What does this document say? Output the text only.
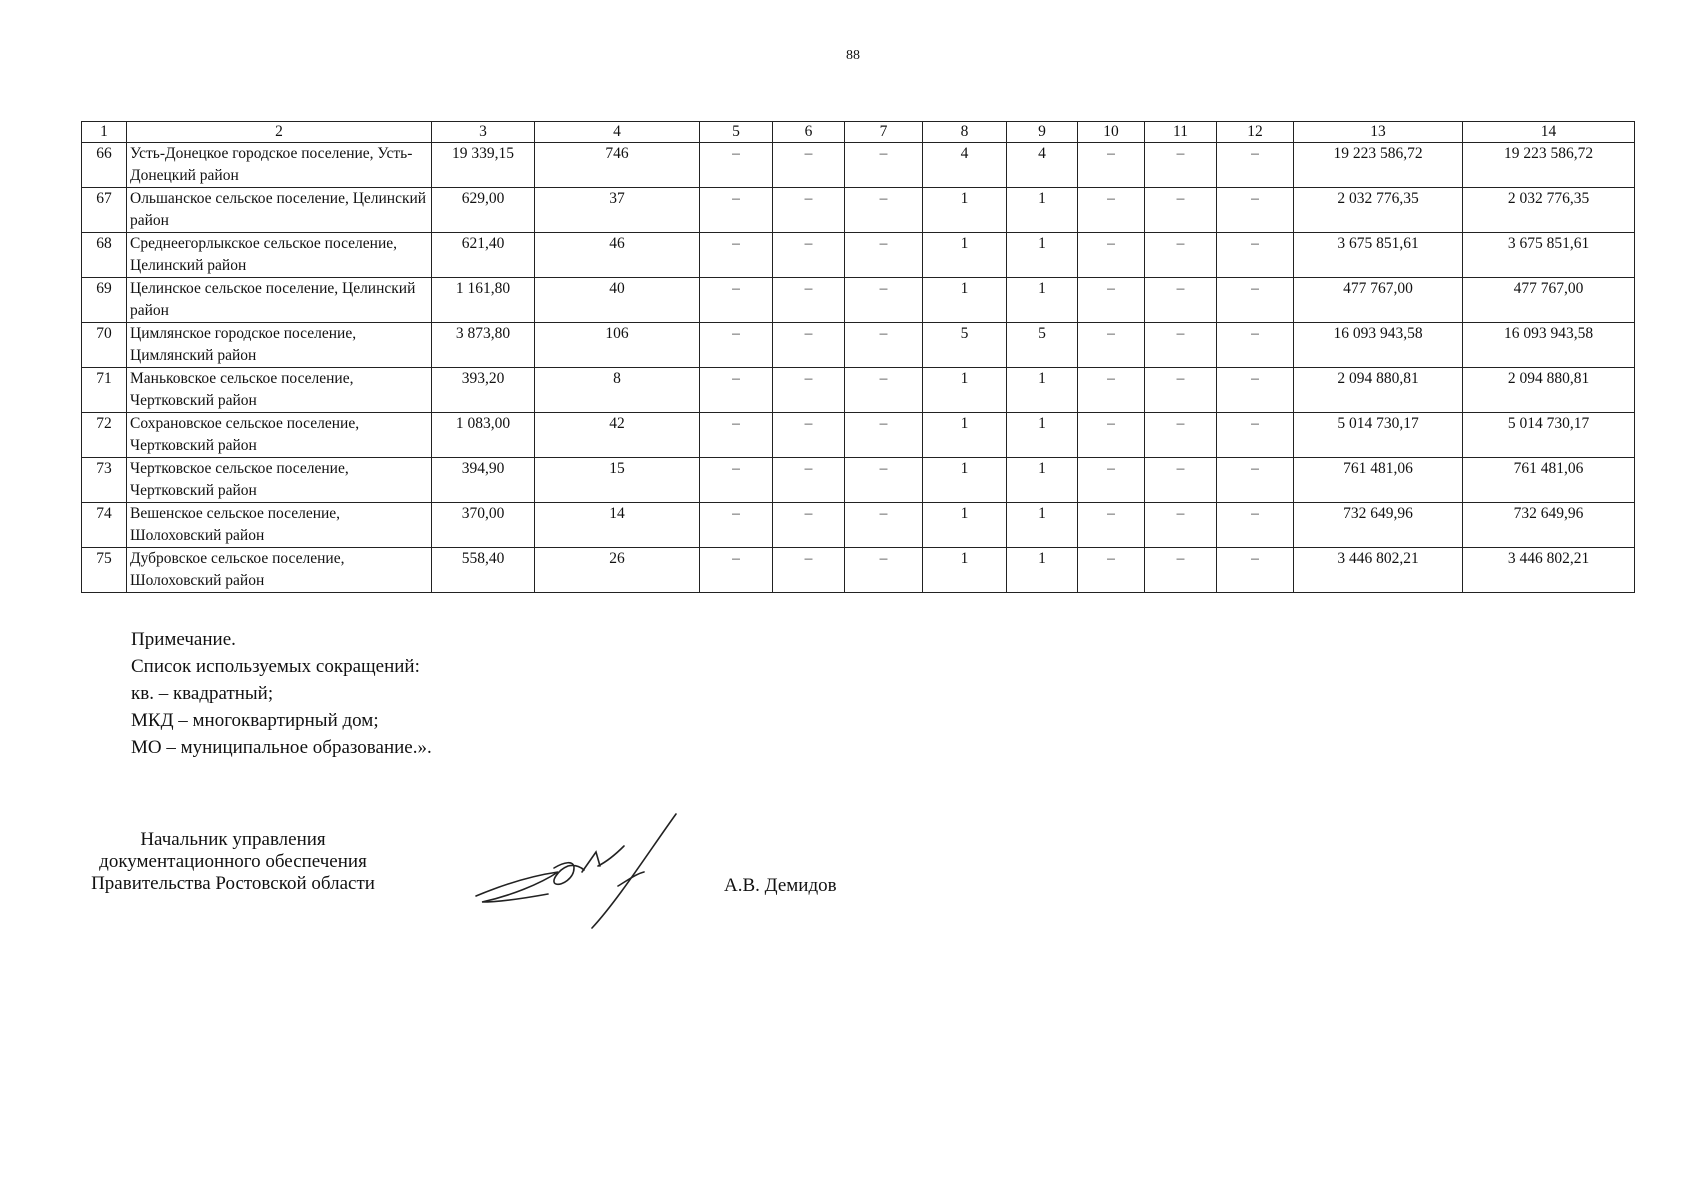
88
1	2	3	4	5	6	7	8	9	10	11	12	13	14
66	Усть-Донецкое городское поселение, Усть-Донецкий район	19 339,15	746	–	–	–	4	4	–	–	–	19 223 586,72	19 223 586,72
67	Ольшанское сельское поселение, Целинский район	629,00	37	–	–	–	1	1	–	–	–	2 032 776,35	2 032 776,35
68	Среднеегорлыкское сельское поселение, Целинский район	621,40	46	–	–	–	1	1	–	–	–	3 675 851,61	3 675 851,61
69	Целинское сельское поселение, Целинский район	1 161,80	40	–	–	–	1	1	–	–	–	477 767,00	477 767,00
70	Цимлянское городское поселение, Цимлянский район	3 873,80	106	–	–	–	5	5	–	–	–	16 093 943,58	16 093 943,58
71	Маньковское сельское поселение, Чертковский район	393,20	8	–	–	–	1	1	–	–	–	2 094 880,81	2 094 880,81
72	Сохрановское сельское поселение, Чертковский район	1 083,00	42	–	–	–	1	1	–	–	–	5 014 730,17	5 014 730,17
73	Чертковское сельское поселение, Чертковский район	394,90	15	–	–	–	1	1	–	–	–	761 481,06	761 481,06
74	Вешенское сельское поселение, Шолоховский район	370,00	14	–	–	–	1	1	–	–	–	732 649,96	732 649,96
75	Дубровское сельское поселение, Шолоховский район	558,40	26	–	–	–	1	1	–	–	–	3 446 802,21	3 446 802,21
Примечание.
Список используемых сокращений:
кв. – квадратный;
МКД – многоквартирный дом;
МО – муниципальное образование.».
Начальник управления
документационного обеспечения
Правительства Ростовской области	А.В. Демидов
